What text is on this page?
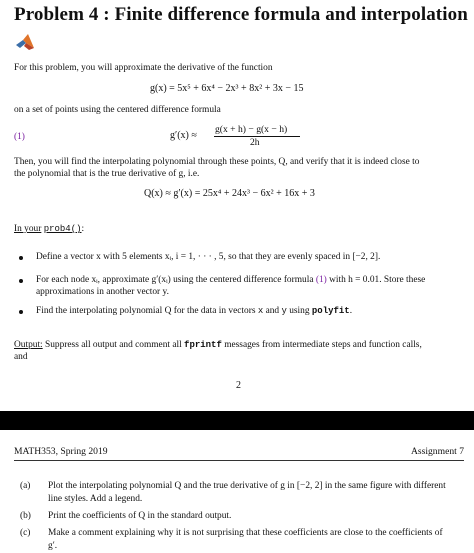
Problem 4 : Finite difference formula and interpolation
For this problem, you will approximate the derivative of the function
g(x) = 5x⁵ + 6x⁴ − 2x³ + 8x² + 3x − 15
on a set of points using the centered difference formula
(1)	g′(x) ≈
g(x + h) − g(x − h)
2h
Then, you will find the interpolating polynomial through these points, Q, and verify that it is indeed close to
the polynomial that is the true derivative of g, i.e.
Q(x) ≈ g′(x) = 25x⁴ + 24x³ − 6x² + 16x + 3
In your prob4():
Define a vector x with 5 elements xᵢ, i = 1, · · · , 5, so that they are evenly spaced in [−2, 2].
For each node xᵢ, approximate g′(xᵢ) using the centered difference formula (1) with h = 0.01. Store these
approximations in another vector y.
Find the interpolating polynomial Q for the data in vectors x and y using polyfit.
Output: Suppress all output and comment all fprintf messages from intermediate steps and function calls,
and
2
MATH353, Spring 2019	Assignment 7
(a) Plot the interpolating polynomial Q and the true derivative of g in [−2, 2] in the same figure with different
line styles. Add a legend.
(b) Print the coefficients of Q in the standard output.
(c) Make a comment explaining why it is not surprising that these coefficients are close to the coefficients of
g′.
